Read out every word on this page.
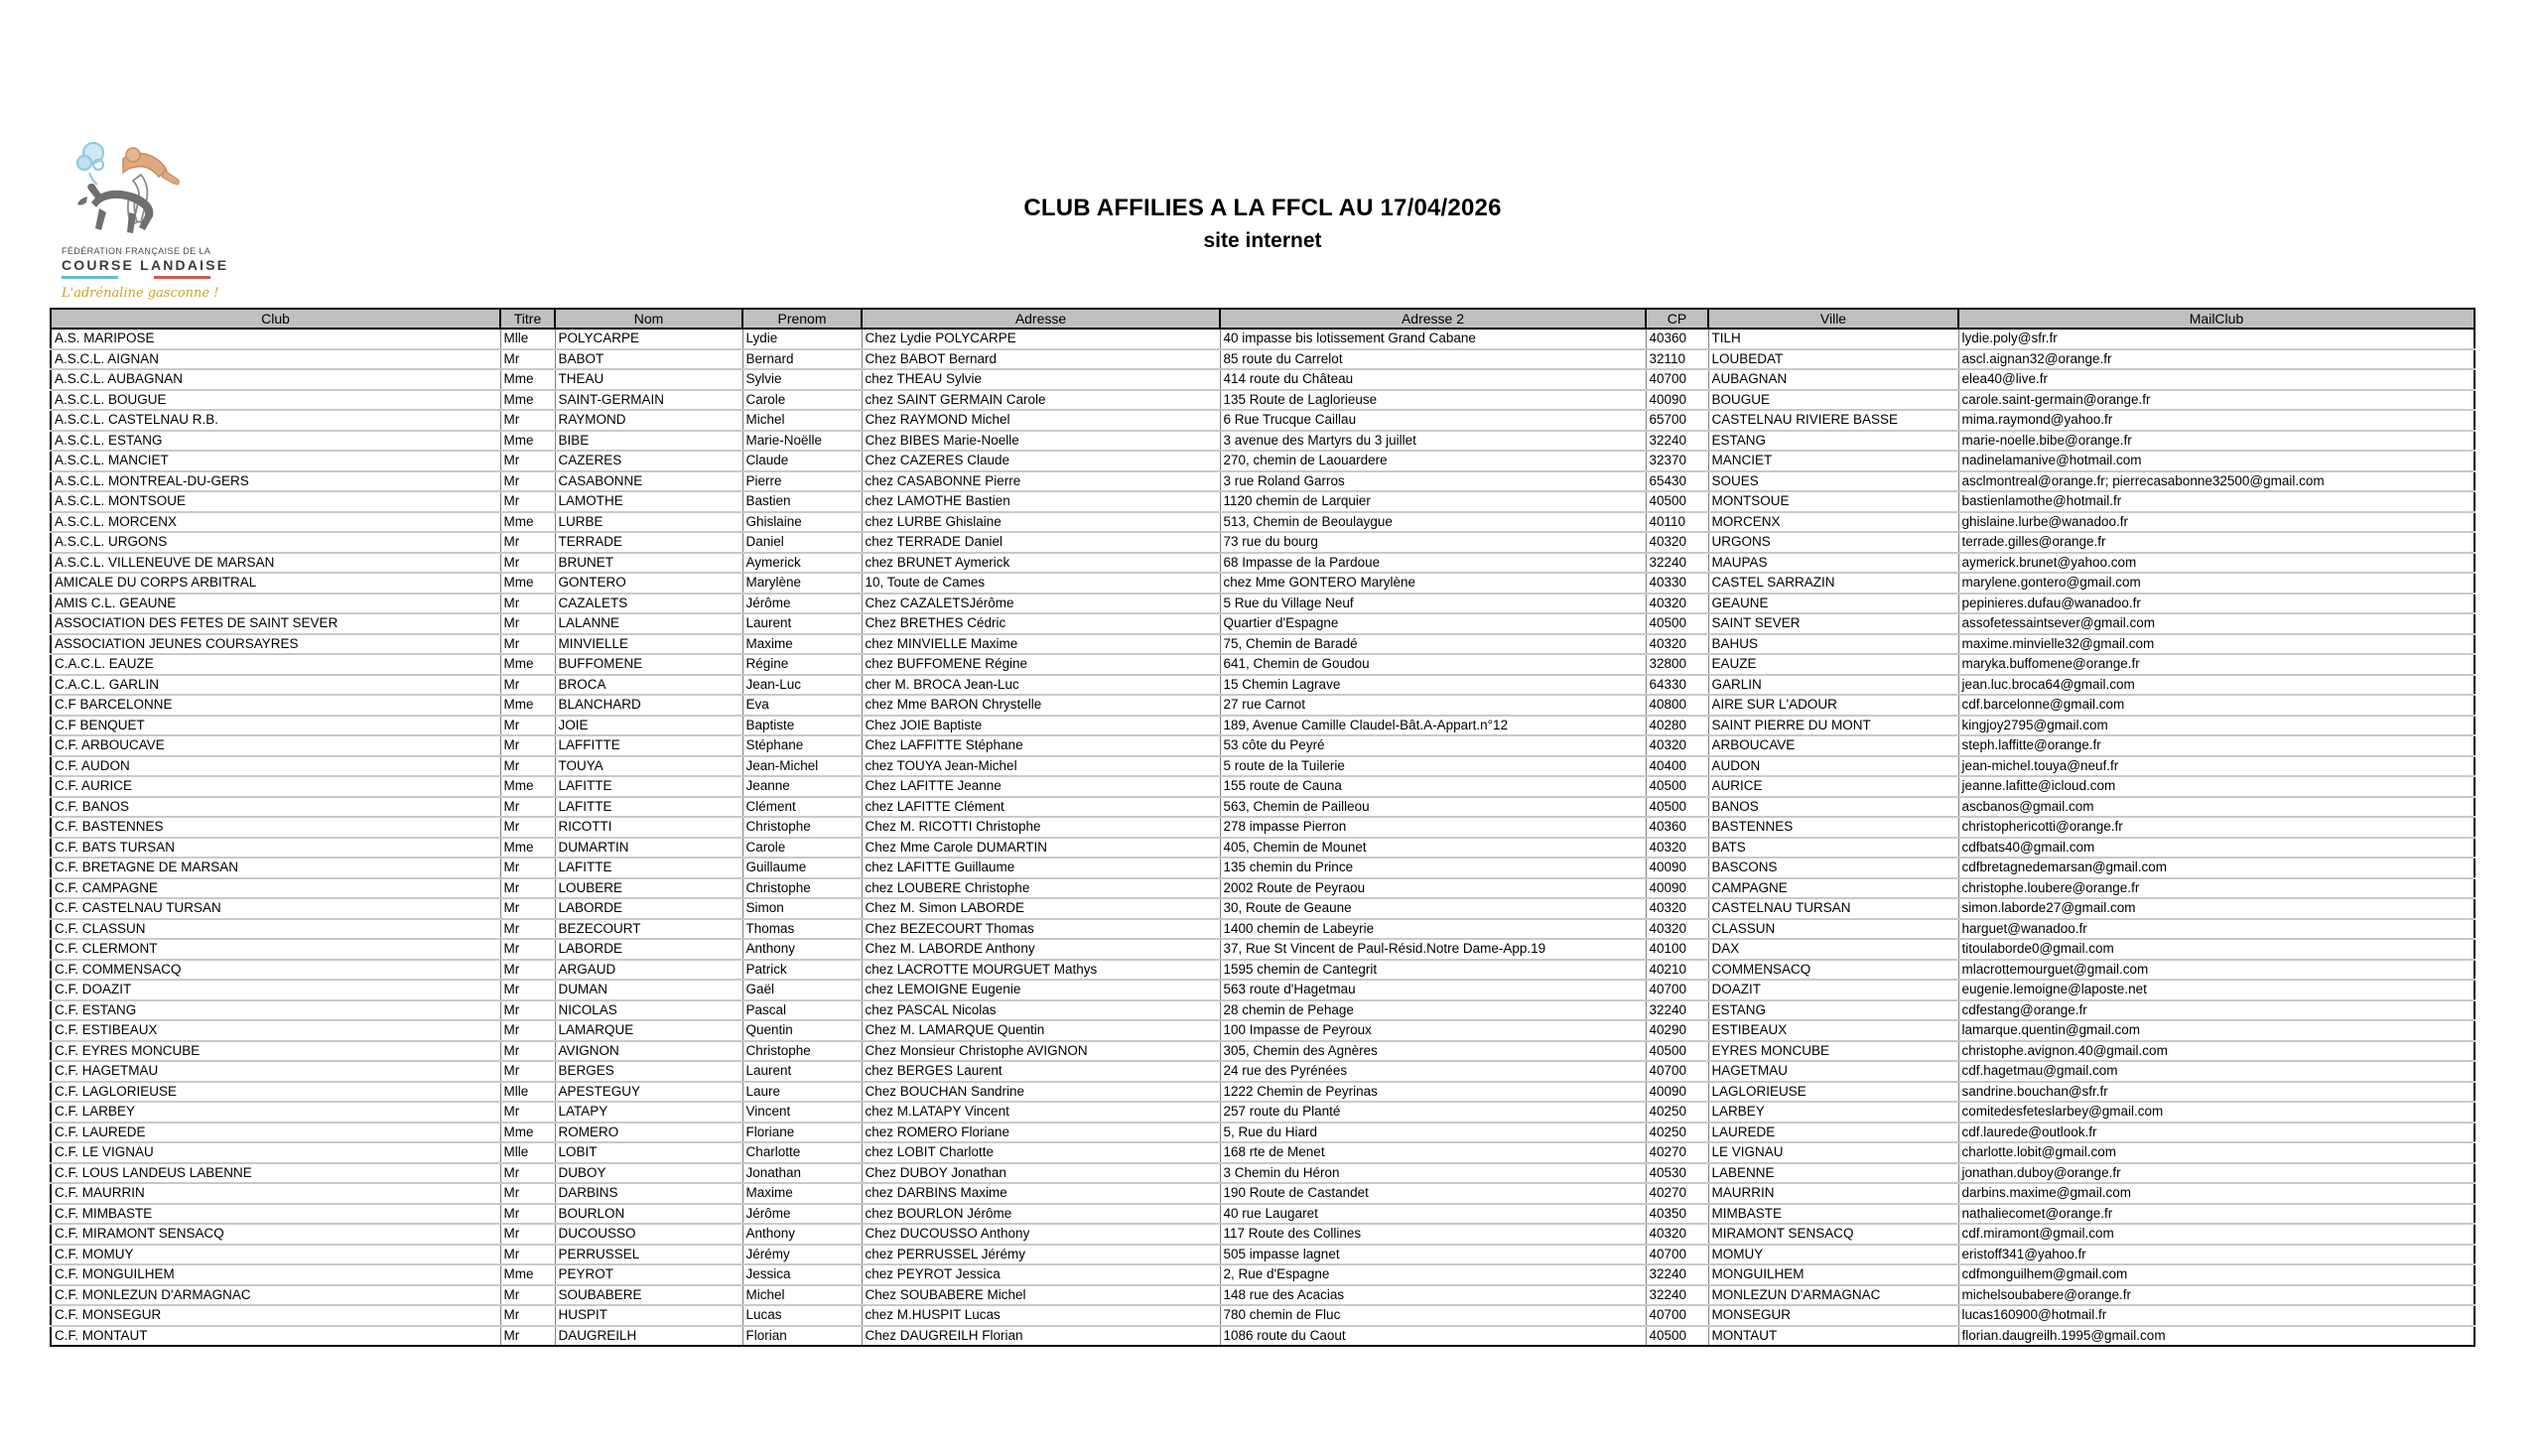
FÉDÉRATION FRANÇAISE DE LA
COURSE LANDAISE
L'adrénaline gasconne !
CLUB AFFILIES A LA FFCL AU 17/04/2026
site internet
Club	Titre	Nom	Prenom	Adresse	Adresse 2	CP	Ville	MailClub
A.S. MARIPOSE	Mlle	POLYCARPE	Lydie	Chez Lydie POLYCARPE	40 impasse bis lotissement Grand Cabane	40360	TILH	lydie.poly@sfr.fr
A.S.C.L. AIGNAN	Mr	BABOT	Bernard	Chez BABOT Bernard	85 route du Carrelot	32110	LOUBEDAT	ascl.aignan32@orange.fr
A.S.C.L. AUBAGNAN	Mme	THEAU	Sylvie	chez THEAU Sylvie	414 route du Château	40700	AUBAGNAN	elea40@live.fr
A.S.C.L. BOUGUE	Mme	SAINT-GERMAIN	Carole	chez SAINT GERMAIN Carole	135 Route de Laglorieuse	40090	BOUGUE	carole.saint-germain@orange.fr
A.S.C.L. CASTELNAU R.B.	Mr	RAYMOND	Michel	Chez RAYMOND Michel	6 Rue Trucque Caillau	65700	CASTELNAU RIVIERE BASSE	mima.raymond@yahoo.fr
A.S.C.L. ESTANG	Mme	BIBE	Marie-Noëlle	Chez BIBES Marie-Noelle	3 avenue des Martyrs du 3 juillet	32240	ESTANG	marie-noelle.bibe@orange.fr
A.S.C.L. MANCIET	Mr	CAZERES	Claude	Chez CAZERES Claude	270, chemin de Laouardere	32370	MANCIET	nadinelamanive@hotmail.com
A.S.C.L. MONTREAL-DU-GERS	Mr	CASABONNE	Pierre	chez CASABONNE Pierre	3 rue Roland Garros	65430	SOUES	asclmontreal@orange.fr; pierrecasabonne32500@gmail.com
A.S.C.L. MONTSOUE	Mr	LAMOTHE	Bastien	chez LAMOTHE Bastien	1120 chemin de Larquier	40500	MONTSOUE	bastienlamothe@hotmail.fr
A.S.C.L. MORCENX	Mme	LURBE	Ghislaine	chez LURBE Ghislaine	513, Chemin de Beoulaygue	40110	MORCENX	ghislaine.lurbe@wanadoo.fr
A.S.C.L. URGONS	Mr	TERRADE	Daniel	chez TERRADE Daniel	73 rue du bourg	40320	URGONS	terrade.gilles@orange.fr
A.S.C.L. VILLENEUVE DE MARSAN	Mr	BRUNET	Aymerick	chez BRUNET Aymerick	68 Impasse de la Pardoue	32240	MAUPAS	aymerick.brunet@yahoo.com
AMICALE DU CORPS ARBITRAL	Mme	GONTERO	Marylène	10, Toute de Cames	chez Mme GONTERO Marylène	40330	CASTEL SARRAZIN	marylene.gontero@gmail.com
AMIS C.L. GEAUNE	Mr	CAZALETS	Jérôme	Chez CAZALETSJérôme	5 Rue du Village Neuf	40320	GEAUNE	pepinieres.dufau@wanadoo.fr
ASSOCIATION DES FETES DE SAINT SEVER	Mr	LALANNE	Laurent	Chez BRETHES Cédric	Quartier d'Espagne	40500	SAINT SEVER	assofetessaintsever@gmail.com
ASSOCIATION JEUNES COURSAYRES	Mr	MINVIELLE	Maxime	chez MINVIELLE Maxime	75, Chemin de Baradé	40320	BAHUS	maxime.minvielle32@gmail.com
C.A.C.L. EAUZE	Mme	BUFFOMENE	Régine	chez BUFFOMENE Régine	641, Chemin de Goudou	32800	EAUZE	maryka.buffomene@orange.fr
C.A.C.L. GARLIN	Mr	BROCA	Jean-Luc	cher M. BROCA Jean-Luc	15 Chemin Lagrave	64330	GARLIN	jean.luc.broca64@gmail.com
C.F BARCELONNE	Mme	BLANCHARD	Eva	chez Mme BARON Chrystelle	27 rue Carnot	40800	AIRE SUR L'ADOUR	cdf.barcelonne@gmail.com
C.F BENQUET	Mr	JOIE	Baptiste	Chez JOIE Baptiste	189, Avenue Camille Claudel-Bât.A-Appart.n°12	40280	SAINT PIERRE DU MONT	kingjoy2795@gmail.com
C.F. ARBOUCAVE	Mr	LAFFITTE	Stéphane	Chez LAFFITTE Stéphane	53 côte du Peyré	40320	ARBOUCAVE	steph.laffitte@orange.fr
C.F. AUDON	Mr	TOUYA	Jean-Michel	chez TOUYA Jean-Michel	5 route de la Tuilerie	40400	AUDON	jean-michel.touya@neuf.fr
C.F. AURICE	Mme	LAFITTE	Jeanne	Chez LAFITTE Jeanne	155 route de Cauna	40500	AURICE	jeanne.lafitte@icloud.com
C.F. BANOS	Mr	LAFITTE	Clément	chez LAFITTE Clément	563, Chemin de Pailleou	40500	BANOS	ascbanos@gmail.com
C.F. BASTENNES	Mr	RICOTTI	Christophe	Chez M. RICOTTI Christophe	278 impasse Pierron	40360	BASTENNES	christophericotti@orange.fr
C.F. BATS TURSAN	Mme	DUMARTIN	Carole	Chez Mme Carole DUMARTIN	405, Chemin de Mounet	40320	BATS	cdfbats40@gmail.com
C.F. BRETAGNE DE MARSAN	Mr	LAFITTE	Guillaume	chez LAFITTE Guillaume	135 chemin du Prince	40090	BASCONS	cdfbretagnedemarsan@gmail.com
C.F. CAMPAGNE	Mr	LOUBERE	Christophe	chez LOUBERE Christophe	2002 Route de Peyraou	40090	CAMPAGNE	christophe.loubere@orange.fr
C.F. CASTELNAU TURSAN	Mr	LABORDE	Simon	Chez M. Simon LABORDE	30, Route de Geaune	40320	CASTELNAU TURSAN	simon.laborde27@gmail.com
C.F. CLASSUN	Mr	BEZECOURT	Thomas	Chez BEZECOURT Thomas	1400 chemin de Labeyrie	40320	CLASSUN	harguet@wanadoo.fr
C.F. CLERMONT	Mr	LABORDE	Anthony	Chez M. LABORDE Anthony	37, Rue St Vincent de Paul-Résid.Notre Dame-App.19	40100	DAX	titoulaborde0@gmail.com
C.F. COMMENSACQ	Mr	ARGAUD	Patrick	chez LACROTTE MOURGUET Mathys	1595 chemin de Cantegrit	40210	COMMENSACQ	mlacrottemourguet@gmail.com
C.F. DOAZIT	Mr	DUMAN	Gaël	chez LEMOIGNE Eugenie	563 route d'Hagetmau	40700	DOAZIT	eugenie.lemoigne@laposte.net
C.F. ESTANG	Mr	NICOLAS	Pascal	chez PASCAL Nicolas	28 chemin de Pehage	32240	ESTANG	cdfestang@orange.fr
C.F. ESTIBEAUX	Mr	LAMARQUE	Quentin	Chez M. LAMARQUE Quentin	100 Impasse de Peyroux	40290	ESTIBEAUX	lamarque.quentin@gmail.com
C.F. EYRES MONCUBE	Mr	AVIGNON	Christophe	Chez Monsieur Christophe AVIGNON	305, Chemin des Agnères	40500	EYRES MONCUBE	christophe.avignon.40@gmail.com
C.F. HAGETMAU	Mr	BERGES	Laurent	chez BERGES Laurent	24 rue des Pyrénées	40700	HAGETMAU	cdf.hagetmau@gmail.com
C.F. LAGLORIEUSE	Mlle	APESTEGUY	Laure	Chez BOUCHAN Sandrine	1222 Chemin de Peyrinas	40090	LAGLORIEUSE	sandrine.bouchan@sfr.fr
C.F. LARBEY	Mr	LATAPY	Vincent	chez M.LATAPY Vincent	257 route du Planté	40250	LARBEY	comitedesfeteslarbey@gmail.com
C.F. LAUREDE	Mme	ROMERO	Floriane	chez ROMERO Floriane	5, Rue du Hiard	40250	LAUREDE	cdf.laurede@outlook.fr
C.F. LE VIGNAU	Mlle	LOBIT	Charlotte	chez LOBIT Charlotte	168 rte de Menet	40270	LE VIGNAU	charlotte.lobit@gmail.com
C.F. LOUS LANDEUS LABENNE	Mr	DUBOY	Jonathan	Chez DUBOY Jonathan	3 Chemin du Héron	40530	LABENNE	jonathan.duboy@orange.fr
C.F. MAURRIN	Mr	DARBINS	Maxime	chez DARBINS Maxime	190 Route de Castandet	40270	MAURRIN	darbins.maxime@gmail.com
C.F. MIMBASTE	Mr	BOURLON	Jérôme	chez BOURLON Jérôme	40 rue Laugaret	40350	MIMBASTE	nathaliecomet@orange.fr
C.F. MIRAMONT SENSACQ	Mr	DUCOUSSO	Anthony	Chez DUCOUSSO Anthony	117 Route des Collines	40320	MIRAMONT SENSACQ	cdf.miramont@gmail.com
C.F. MOMUY	Mr	PERRUSSEL	Jérémy	chez PERRUSSEL Jérémy	505 impasse lagnet	40700	MOMUY	eristoff341@yahoo.fr
C.F. MONGUILHEM	Mme	PEYROT	Jessica	chez PEYROT Jessica	2, Rue d'Espagne	32240	MONGUILHEM	cdfmonguilhem@gmail.com
C.F. MONLEZUN D'ARMAGNAC	Mr	SOUBABERE	Michel	Chez SOUBABERE Michel	148 rue des Acacias	32240	MONLEZUN D'ARMAGNAC	michelsoubabere@orange.fr
C.F. MONSEGUR	Mr	HUSPIT	Lucas	chez M.HUSPIT Lucas	780 chemin de Fluc	40700	MONSEGUR	lucas160900@hotmail.fr
C.F. MONTAUT	Mr	DAUGREILH	Florian	Chez DAUGREILH Florian	1086 route du Caout	40500	MONTAUT	florian.daugreilh.1995@gmail.com
